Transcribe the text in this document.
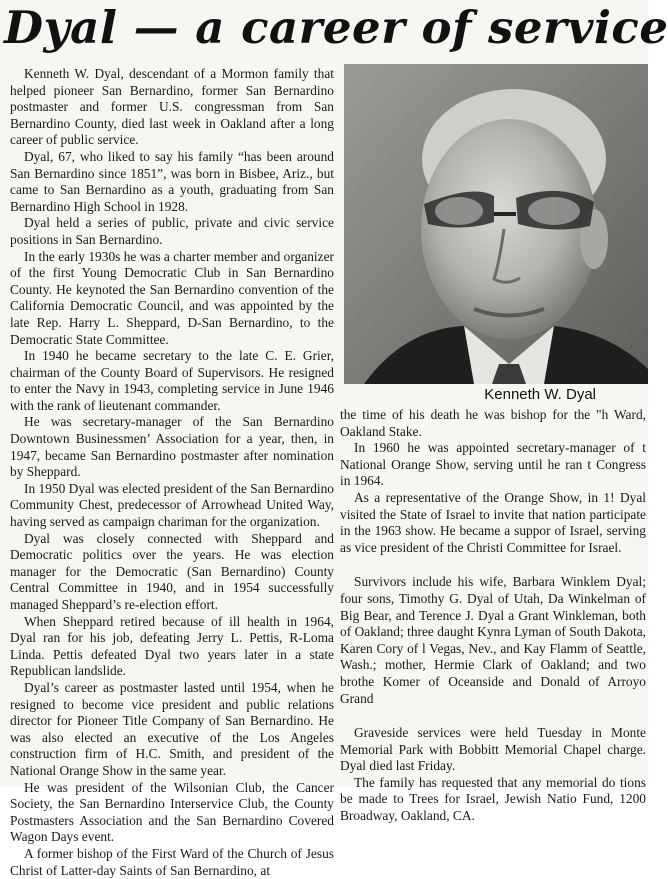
Dyal — a career of service

Kenneth W. Dyal, descendant of a Mormon family that helped pioneer San Bernardino, former San Bernardino postmaster and former U.S. congressman from San Bernardino County, died last week in Oakland after a long career of public service.

Dyal, 67, who liked to say his family “has been around San Bernardino since 1851”, was born in Bisbee, Ariz., but came to San Bernardino as a youth, graduating from San Bernardino High School in 1928.

Dyal held a series of public, private and civic service positions in San Bernardino.

In the early 1930s he was a charter member and organizer of the first Young Democratic Club in San Bernardino County. He keynoted the San Bernardino convention of the California Democratic Council, and was appointed by the late Rep. Harry L. Sheppard, D-San Bernardino, to the Democratic State Committee.

In 1940 he became secretary to the late C. E. Grier, chairman of the County Board of Supervisors. He resigned to enter the Navy in 1943, completing service in June 1946 with the rank of lieutenant commander.

He was secretary-manager of the San Bernardino Downtown Businessmen’ Association for a year, then, in 1947, became San Bernardino postmaster after nomination by Sheppard.

In 1950 Dyal was elected president of the San Bernardino Community Chest, predecessor of Arrowhead United Way, having served as campaign chariman for the organization.

Dyal was closely connected with Sheppard and Democratic politics over the years. He was election manager for the Democratic (San Bernardino) County Central Committee in 1940, and in 1954 successfully managed Sheppard’s re-election effort.

When Sheppard retired because of ill health in 1964, Dyal ran for his job, defeating Jerry L. Pettis, R-Loma Linda. Pettis defeated Dyal two years later in a state Republican landslide.

Dyal’s career as postmaster lasted until 1954, when he resigned to become vice president and public relations director for Pioneer Title Company of San Bernardino. He was also elected an executive of the Los Angeles construction firm of H.C. Smith, and president of the National Orange Show in the same year.

He was president of the Wilsonian Club, the Cancer Society, the San Bernardino Interservice Club, the County Postmasters Association and the San Bernardino Covered Wagon Days event.

A former bishop of the First Ward of the Church of Jesus Christ of Latter-day Saints of San Bernardino, at

Kenneth W. Dyal

the time of his death he was bishop for the "h Ward, Oakland Stake.

In 1960 he was appointed secretary-manager of t National Orange Show, serving until he ran t Congress in 1964.

As a representative of the Orange Show, in 1! Dyal visited the State of Israel to invite that nation participate in the 1963 show. He became a suppor of Israel, serving as vice president of the Christi Committee for Israel.

Survivors include his wife, Barbara Winklem Dyal; four sons, Timothy G. Dyal of Utah, Da Winkelman of Big Bear, and Terence J. Dyal a Grant Winkleman, both of Oakland; three daught Kynra Lyman of South Dakota, Karen Cory of l Vegas, Nev., and Kay Flamm of Seattle, Wash.; mother, Hermie Clark of Oakland; and two brothe Komer of Oceanside and Donald of Arroyo Grand

Graveside services were held Tuesday in Monte Memorial Park with Bobbitt Memorial Chapel charge. Dyal died last Friday.

The family has requested that any memorial do tions be made to Trees for Israel, Jewish Natio Fund, 1200 Broadway, Oakland, CA.
